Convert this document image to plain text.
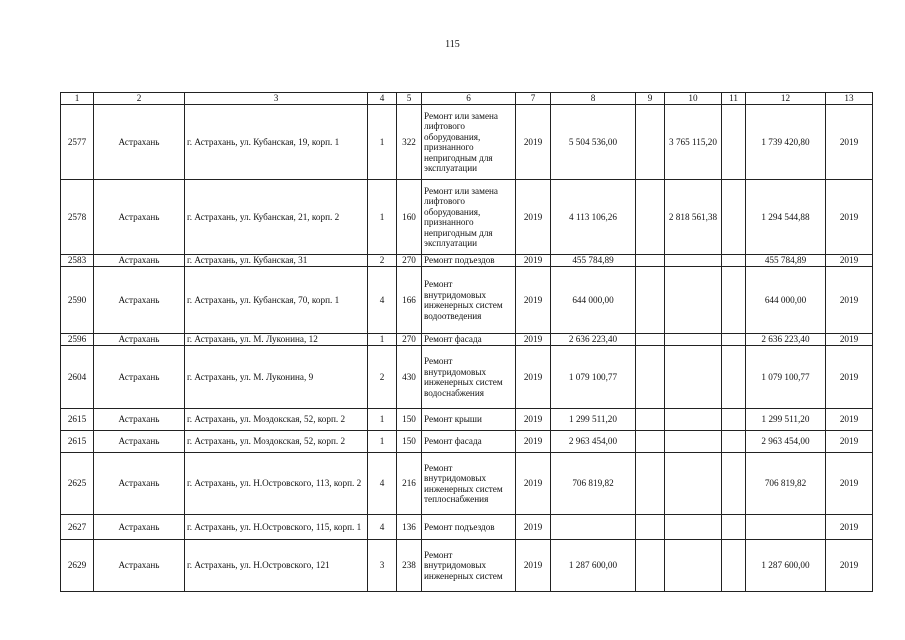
115
1	2	3	4	5	6	7	8	9	10	11	12	13

2577	Астрахань	г. Астрахань, ул. Кубанская, 19, корп. 1	1	322	Ремонт или замена лифтового оборудования, признанного непригодным для эксплуатации	2019	5 504 536,00		3 765 115,20		1 739 420,80	2019

2578	Астрахань	г. Астрахань, ул. Кубанская, 21, корп. 2	1	160	Ремонт или замена лифтового оборудования, признанного непригодным для эксплуатации	2019	4 113 106,26		2 818 561,38		1 294 544,88	2019

2583	Астрахань	г. Астрахань, ул. Кубанская, 31	2	270	Ремонт подъездов	2019	455 784,89				455 784,89	2019

2590	Астрахань	г. Астрахань, ул. Кубанская, 70, корп. 1	4	166	Ремонт внутридомовых инженерных систем водоотведения	2019	644 000,00				644 000,00	2019

2596	Астрахань	г. Астрахань, ул. М. Луконина, 12	1	270	Ремонт фасада	2019	2 636 223,40				2 636 223,40	2019

2604	Астрахань	г. Астрахань, ул. М. Луконина, 9	2	430	Ремонт внутридомовых инженерных систем водоснабжения	2019	1 079 100,77				1 079 100,77	2019

2615	Астрахань	г. Астрахань, ул. Моздокская, 52, корп. 2	1	150	Ремонт крыши	2019	1 299 511,20				1 299 511,20	2019

2615	Астрахань	г. Астрахань, ул. Моздокская, 52, корп. 2	1	150	Ремонт фасада	2019	2 963 454,00				2 963 454,00	2019

2625	Астрахань	г. Астрахань, ул. Н.Островского, 113, корп. 2	4	216	Ремонт внутридомовых инженерных систем теплоснабжения	2019	706 819,82				706 819,82	2019

2627	Астрахань	г. Астрахань, ул. Н.Островского, 115, корп. 1	4	136	Ремонт подъездов	2019						2019

2629	Астрахань	г. Астрахань, ул. Н.Островского, 121	3	238	Ремонт внутридомовых инженерных систем	2019	1 287 600,00				1 287 600,00	2019
